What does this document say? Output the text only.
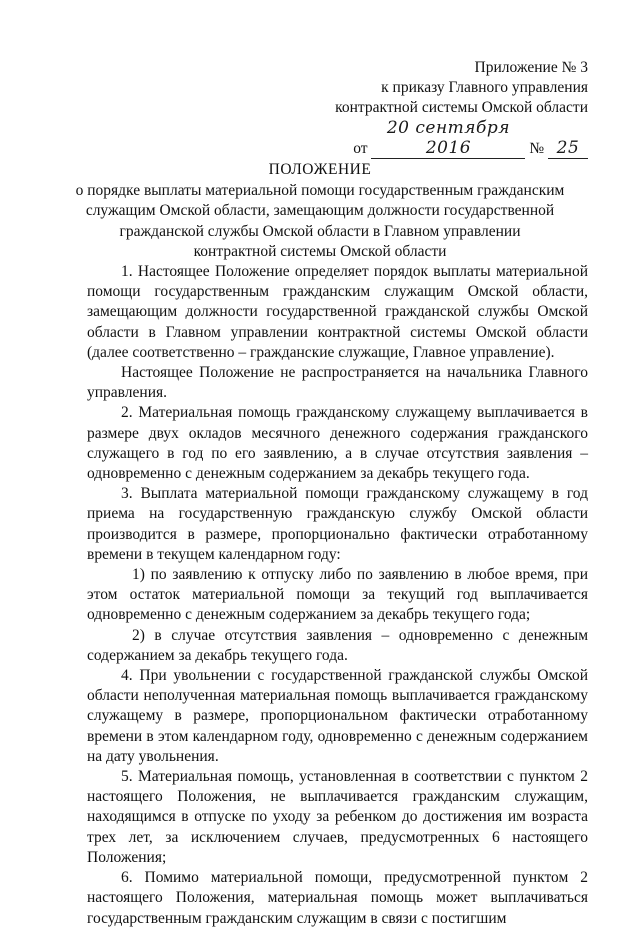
Приложение № 3
к приказу Главного управления
контрактной системы Омской области
от 20 сентября 2016	№ 25
ПОЛОЖЕНИЕ
о порядке выплаты материальной помощи государственным гражданским
служащим Омской области, замещающим должности государственной
гражданской службы Омской области в Главном управлении
контрактной системы Омской области

1. Настоящее Положение определяет порядок выплаты материальной помощи государственным гражданским служащим Омской области, замещающим должности государственной гражданской службы Омской области в Главном управлении контрактной системы Омской области (далее соответственно – гражданские служащие, Главное управление).

Настоящее Положение не распространяется на начальника Главного управления.

2. Материальная помощь гражданскому служащему выплачивается в размере двух окладов месячного денежного содержания гражданского служащего в год по его заявлению, а в случае отсутствия заявления – одновременно с денежным содержанием за декабрь текущего года.

3. Выплата материальной помощи гражданскому служащему в год приема на государственную гражданскую службу Омской области производится в размере, пропорционально фактически отработанному времени в текущем календарном году:

1) по заявлению к отпуску либо по заявлению в любое время, при этом остаток материальной помощи за текущий год выплачивается одновременно с денежным содержанием за декабрь текущего года;

2) в случае отсутствия заявления – одновременно с денежным содержанием за декабрь текущего года.

4. При увольнении с государственной гражданской службы Омской области неполученная материальная помощь выплачивается гражданскому служащему в размере, пропорциональном фактически отработанному времени в этом календарном году, одновременно с денежным содержанием на дату увольнения.

5. Материальная помощь, установленная в соответствии с пунктом 2 настоящего Положения, не выплачивается гражданским служащим, находящимся в отпуске по уходу за ребенком до достижения им возраста трех лет, за исключением случаев, предусмотренных 6 настоящего Положения;

6. Помимо материальной помощи, предусмотренной пунктом 2 настоящего Положения, материальная помощь может выплачиваться государственным гражданским служащим в связи с постигшим
